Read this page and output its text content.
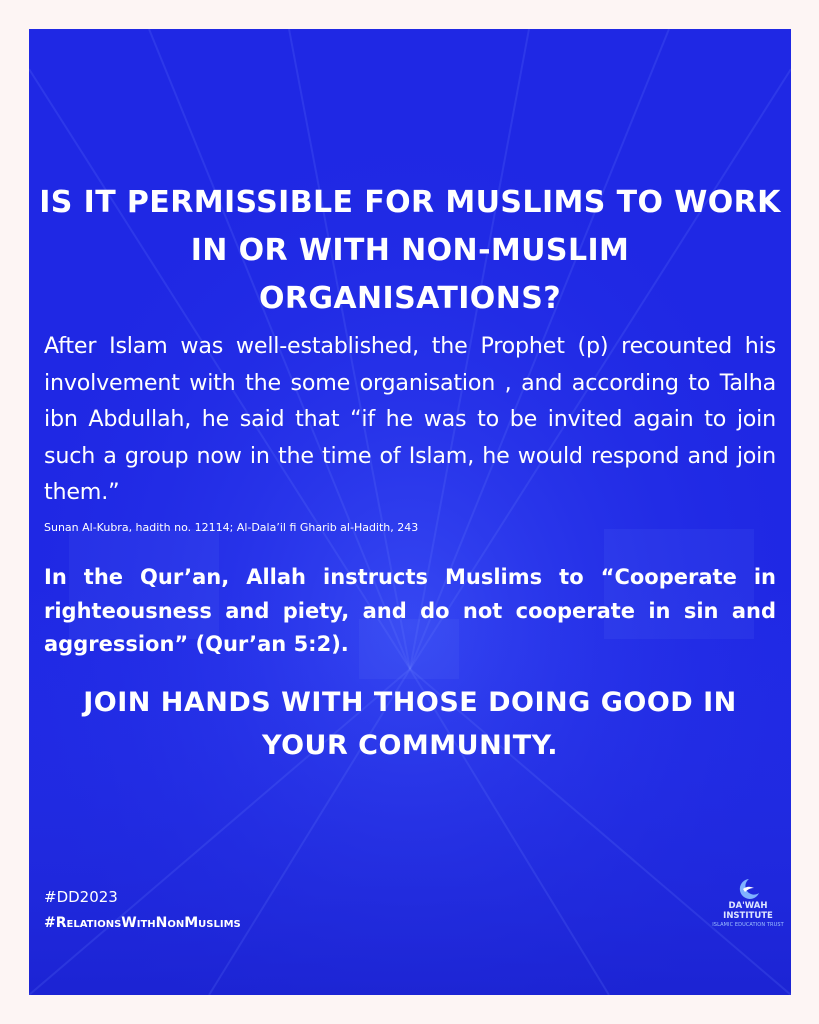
IS IT PERMISSIBLE FOR MUSLIMS TO WORK IN OR WITH NON-MUSLIM ORGANISATIONS?
After Islam was well-established, the Prophet (p) recounted his involvement with the some organisation , and according to Talha ibn Abdullah, he said that “if he was to be invited again to join such a group now in the time of Islam, he would respond and join them.”
Sunan Al-Kubra, hadith no. 12114; Al-Dala’il fi Gharib al-Hadith, 243
In the Qur’an, Allah instructs Muslims to “Cooperate in righteousness and piety, and do not cooperate in sin and aggression” (Qur’an 5:2).
JOIN HANDS WITH THOSE DOING GOOD IN YOUR COMMUNITY.
#DD2023
#RelationsWithNonMuslims
DA'WAH
INSTITUTE
ISLAMIC EDUCATION TRUST
